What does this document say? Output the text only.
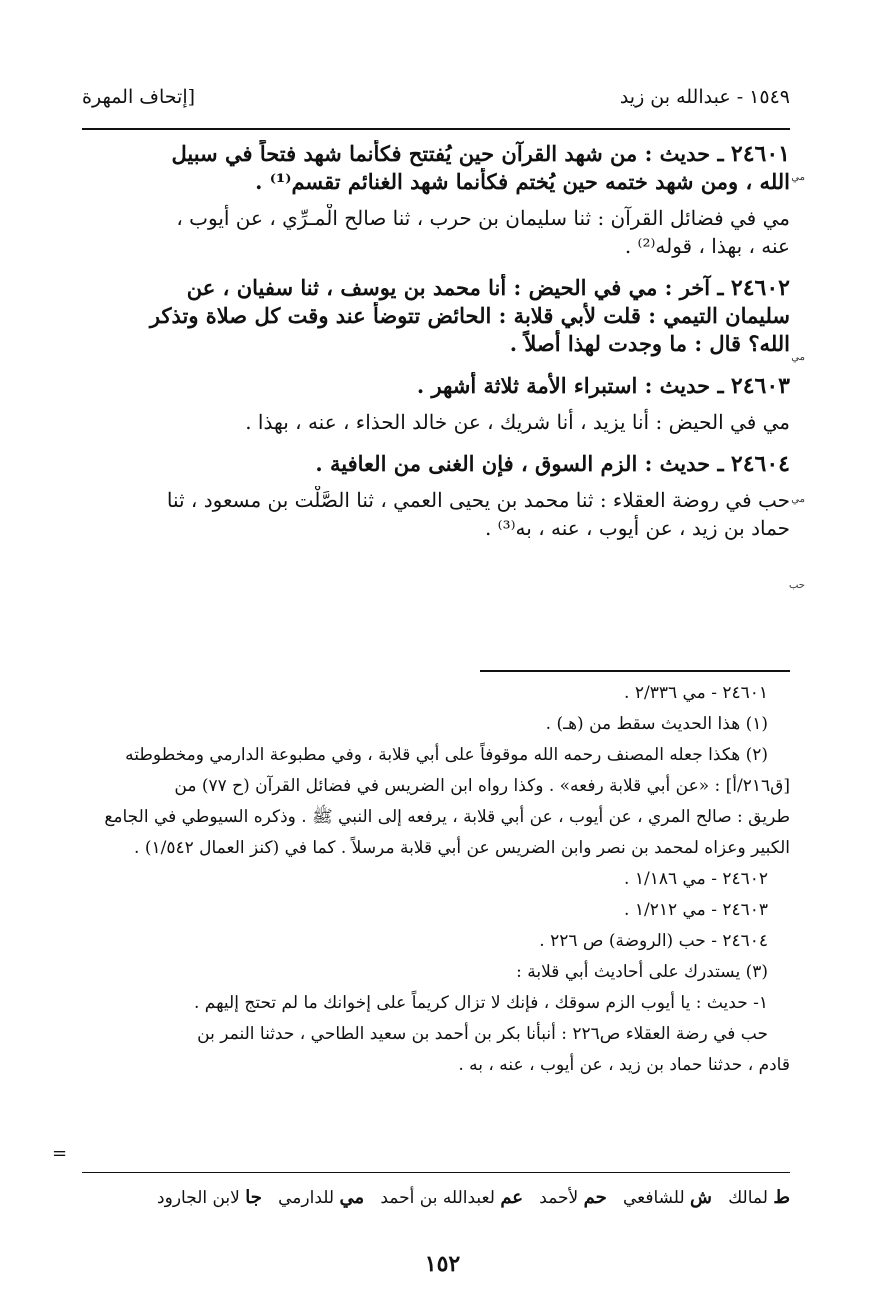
١٥٤٩ - عبدالله بن زيد
[إتحاف المهرة

٢٤٦٠١ ـ حديث : من شهد القرآن حين يُفتتح فكأنما شهد فتحاً في سبيل

الله ، ومن شهد ختمه حين يُختم فكأنما شهد الغنائم تقسم⁽¹⁾ .

مي في فضائل القرآن : ثنا سليمان بن حرب ، ثنا صالح الْمـرِّي ، عن أيوب ،

عنه ، بهذا ، قوله⁽²⁾ .

٢٤٦٠٢ ـ آخر : مي في الحيض : أنا محمد بن يوسف ، ثنا سفيان ، عن

سليمان التيمي : قلت لأبي قلابة : الحائض تتوضأ عند وقت كل صلاة وتذكر

الله؟ قال : ما وجدت لهذا أصلاً .

٢٤٦٠٣ ـ حديث : استبراء الأمة ثلاثة أشهر .

مي في الحيض : أنا يزيد ، أنا شريك ، عن خالد الحذاء ، عنه ، بهذا .

٢٤٦٠٤ ـ حديث : الزم السوق ، فإن الغنى من العافية .

حب في روضة العقلاء : ثنا محمد بن يحيى العمي ، ثنا الصَّلْت بن مسعود ، ثنا

حماد بن زيد ، عن أيوب ، عنه ، به⁽³⁾ .

مي
مي
مي
حب

٢٤٦٠١ - مي ٢/٣٣٦ .

(١) هذا الحديث سقط من (هـ) .

(٢) هكذا جعله المصنف رحمه الله موقوفاً على أبي قلابة ، وفي مطبوعة الدارمي ومخطوطته

[ق٢١٦/أ] : «عن أبي قلابة رفعه» . وكذا رواه ابن الضريس في فضائل القرآن (ح ٧٧) من

طريق : صالح المري ، عن أيوب ، عن أبي قلابة ، يرفعه إلى النبي ﷺ . وذكره السيوطي في الجامع

الكبير وعزاه لمحمد بن نصر وابن الضريس عن أبي قلابة مرسلاً . كما في (كنز العمال ١/٥٤٢) .

٢٤٦٠٢ - مي ١/١٨٦ .

٢٤٦٠٣ - مي ١/٢١٢ .

٢٤٦٠٤ - حب (الروضة) ص ٢٢٦ .

(٣) يستدرك على أحاديث أبي قلابة :

١- حديث : يا أيوب الزم سوقك ، فإنك لا تزال كريماً على إخوانك ما لم تحتج إليهم .

حب في رضة العقلاء ص٢٢٦ : أنبأنا بكر بن أحمد بن سعيد الطاحي ، حدثنا النمر بن

قادم ، حدثنا حماد بن زيد ، عن أيوب ، عنه ، به .

=
ط لمالك   ش للشافعي   حم لأحمد   عم لعبدالله بن أحمد   مي للدارمي   جا لابن الجارود
١٥٢
